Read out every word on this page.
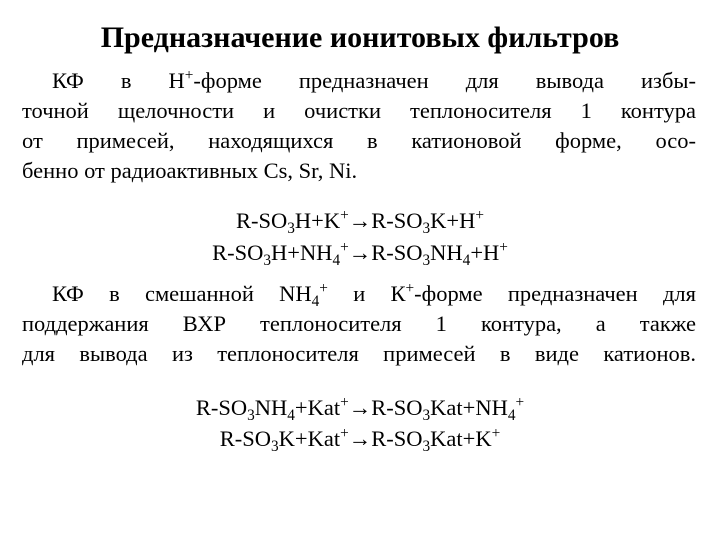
Предназначение ионитовых фильтров
КФ в Н+-форме предназначен для вывода избы-
точной щелочности и очистки теплоносителя 1 контура
от примесей, находящихся в катионовой форме, осо-
бенно от радиоактивных Cs, Sr, Ni.
$R-SO_3H+K^+\to R-SO_3K+H^+$
$R-SO_3H+NH_4^+\to R-SO_3NH_4+H^+$
КФ в смешанной $NH_4^+$ и К+-форме предназначен для
поддержания ВХР теплоносителя 1 контура, а также
для вывода из теплоносителя примесей в виде катионов.
$R-SO_3NH_4+Kat^+\to R-SO_3Kat+NH_4^+$
$R-SO_3K+Kat^+\to R-SO_3Kat+K^+$
